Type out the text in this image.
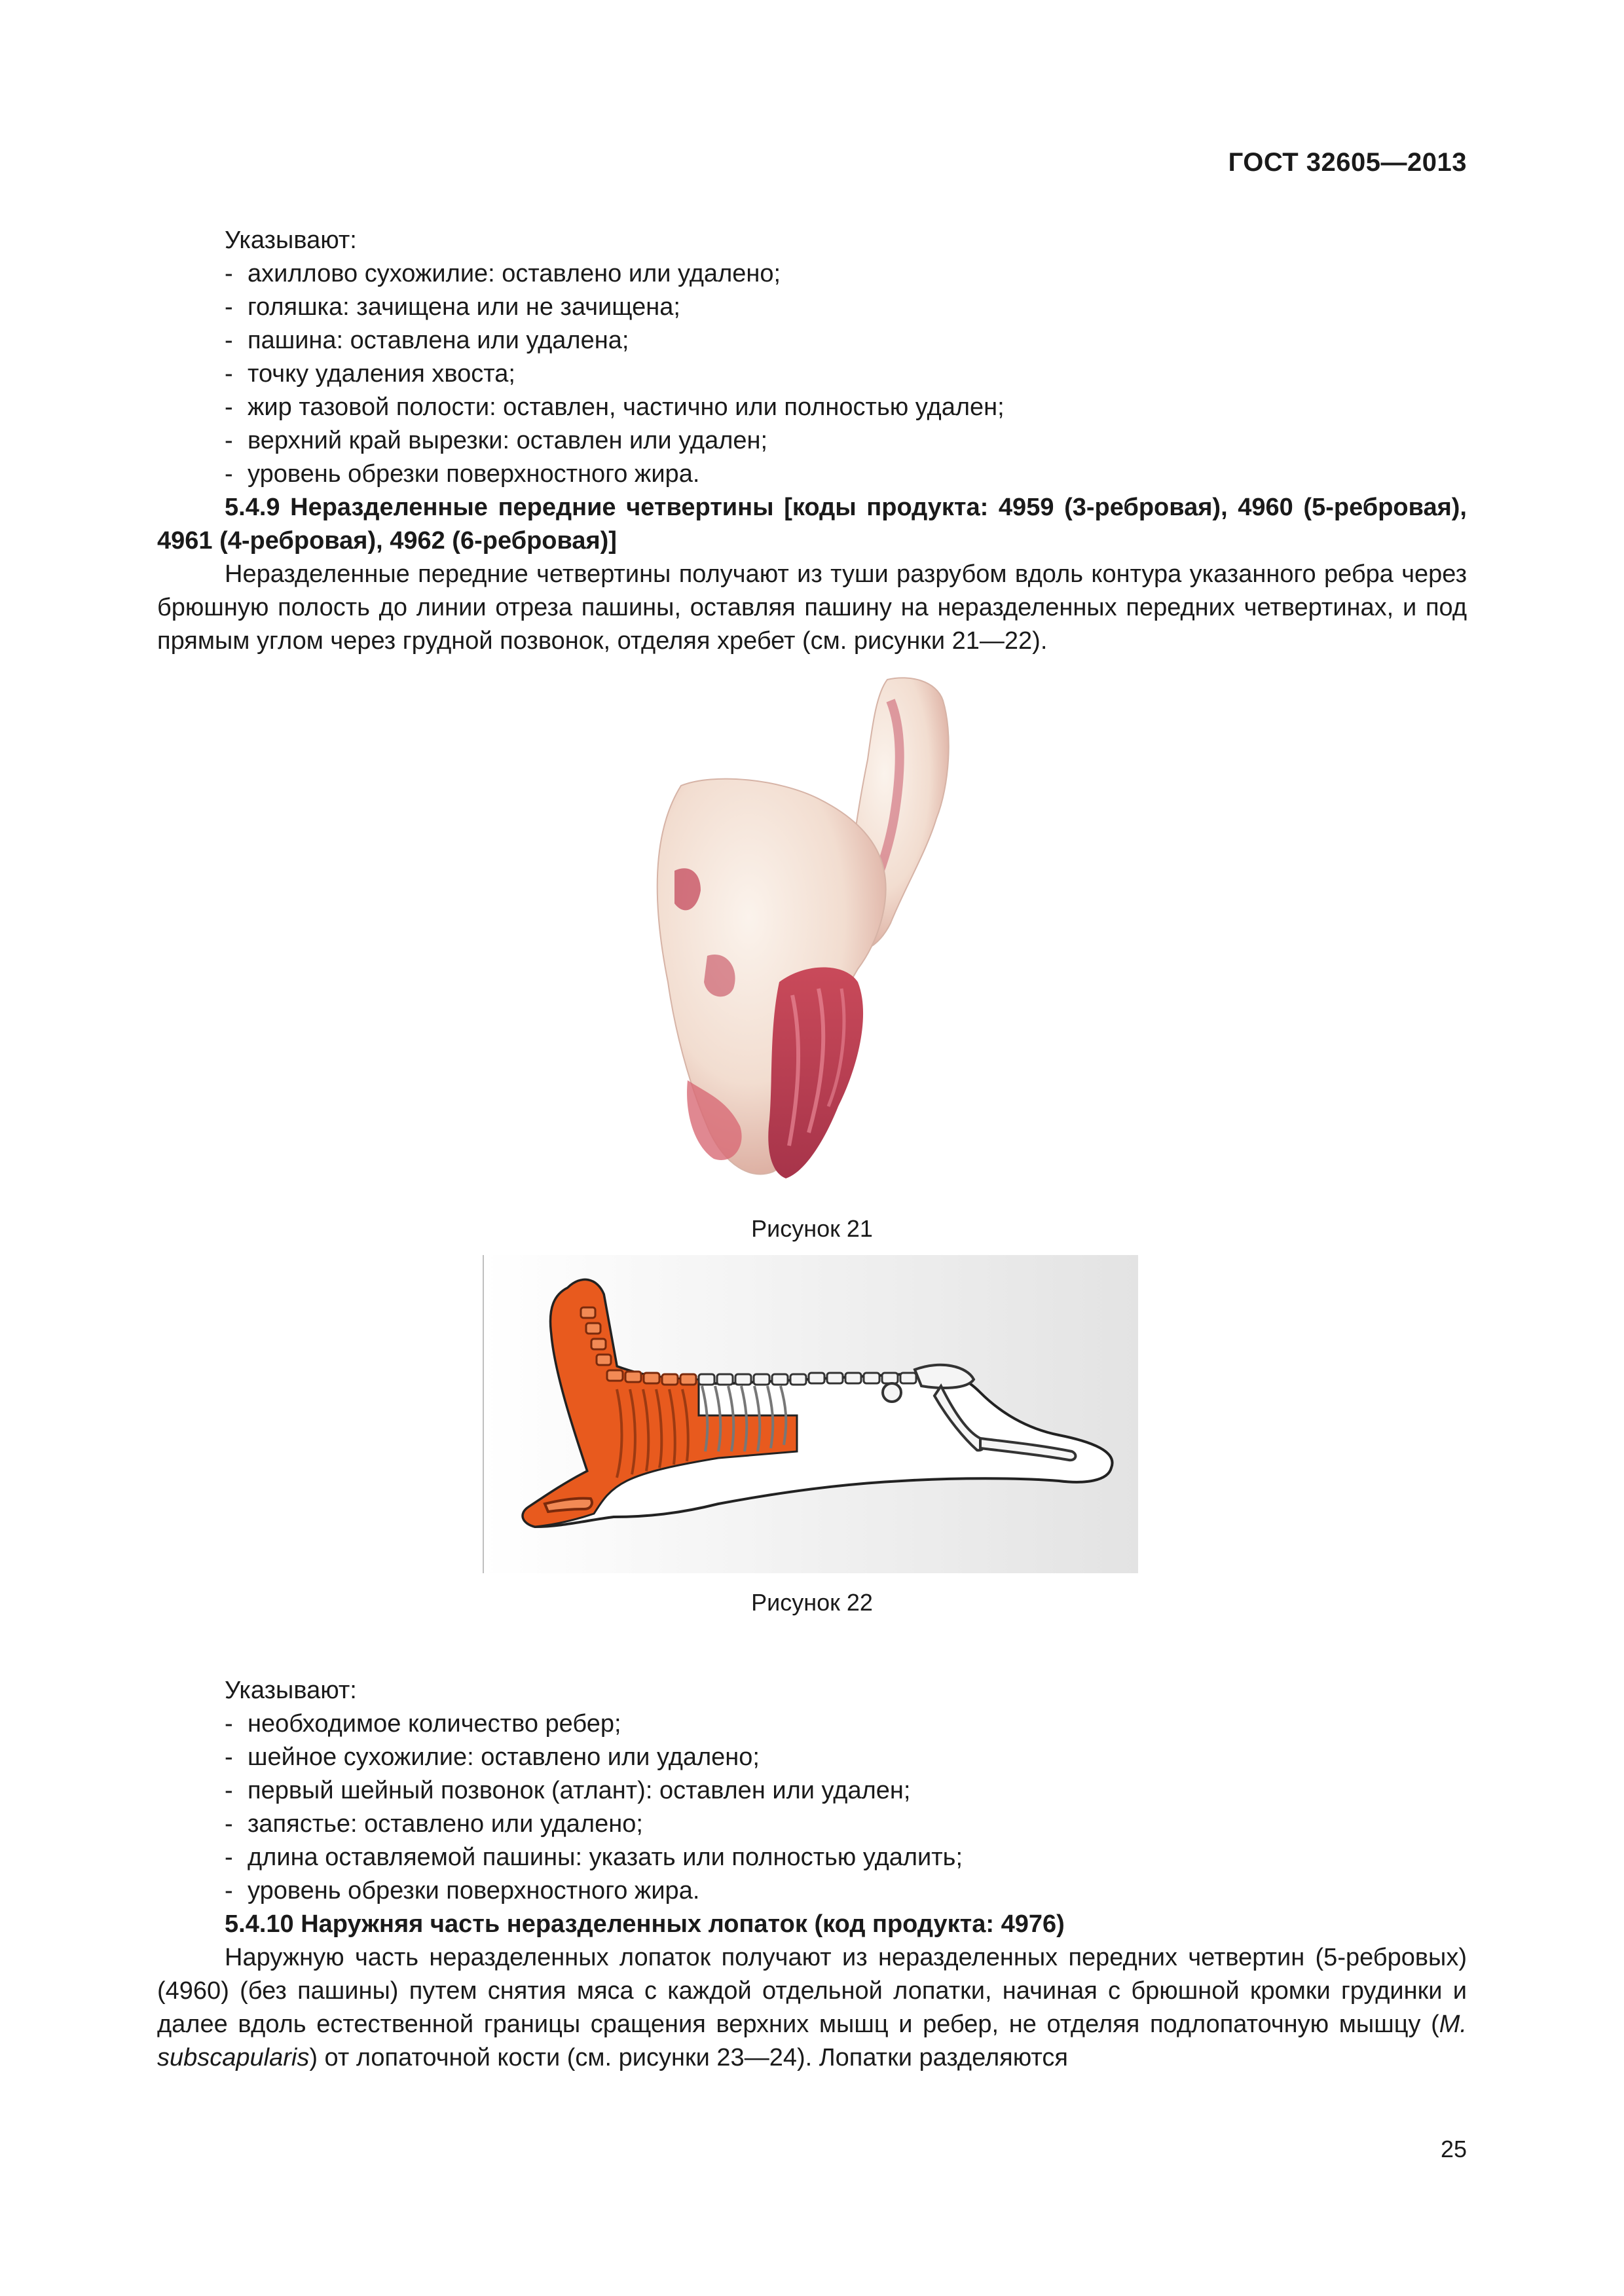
ГОСТ 32605—2013

Указывают:

- ахиллово сухожилие: оставлено или удалено;
- голяшка: зачищена или не зачищена;
- пашина: оставлена или удалена;
- точку удаления хвоста;
- жир тазовой полости: оставлен, частично или полностью удален;
- верхний край вырезки: оставлен или удален;
- уровень обрезки поверхностного жира.

5.4.9 Неразделенные передние четвертины [коды продукта: 4959 (3-ребровая), 4960 (5-ребровая), 4961 (4-ребровая), 4962 (6-ребровая)]

Неразделенные передние четвертины получают из туши разрубом вдоль контура указанного ребра через брюшную полость до линии отреза пашины, оставляя пашину на неразделенных передних четвертинах, и под прямым углом через грудной позвонок, отделяя хребет (см. рисунки 21—22).

Рисунок 21
Рисунок 22

Указывают:

- необходимое количество ребер;
- шейное сухожилие: оставлено или удалено;
- первый шейный позвонок (атлант): оставлен или удален;
- запястье: оставлено или удалено;
- длина оставляемой пашины: указать или полностью удалить;
- уровень обрезки поверхностного жира.

5.4.10 Наружняя часть неразделенных лопаток (код продукта: 4976)

Наружную часть неразделенных лопаток получают из неразделенных передних четвертин (5-ребровых) (4960) (без пашины) путем снятия мяса с каждой отдельной лопатки, начиная с брюшной кромки грудинки и далее вдоль естественной границы сращения верхних мышц и ребер, не отделяя подлопаточную мышцу (M. subscapularis) от лопаточной кости (см. рисунки 23—24). Лопатки разделяются

25
